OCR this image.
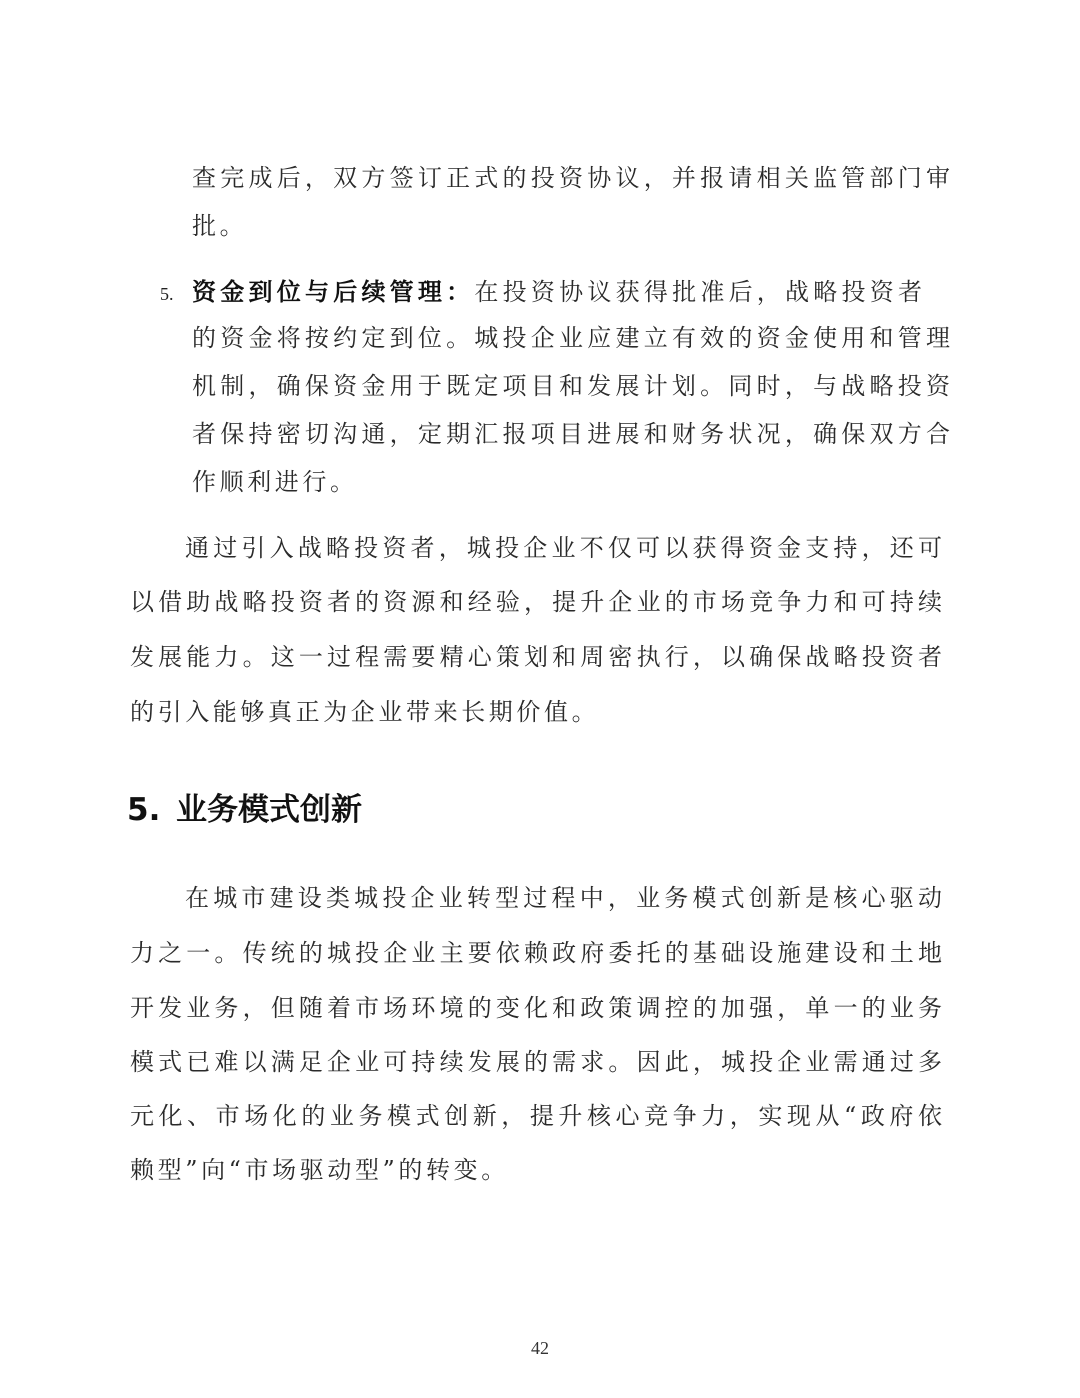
查完成后，双方签订正式的投资协议，并报请相关监管部门审
批。
5. 资金到位与后续管理：在投资协议获得批准后，战略投资者
的资金将按约定到位。城投企业应建立有效的资金使用和管理
机制，确保资金用于既定项目和发展计划。同时，与战略投资
者保持密切沟通，定期汇报项目进展和财务状况，确保双方合
作顺利进行。
通过引入战略投资者，城投企业不仅可以获得资金支持，还可
以借助战略投资者的资源和经验，提升企业的市场竞争力和可持续
发展能力。这一过程需要精心策划和周密执行，以确保战略投资者
的引入能够真正为企业带来长期价值。
5. 业务模式创新
在城市建设类城投企业转型过程中，业务模式创新是核心驱动
力之一。传统的城投企业主要依赖政府委托的基础设施建设和土地
开发业务，但随着市场环境的变化和政策调控的加强，单一的业务
模式已难以满足企业可持续发展的需求。因此，城投企业需通过多
元化、市场化的业务模式创新，提升核心竞争力，实现从“政府依
赖型”向“市场驱动型”的转变。
42
